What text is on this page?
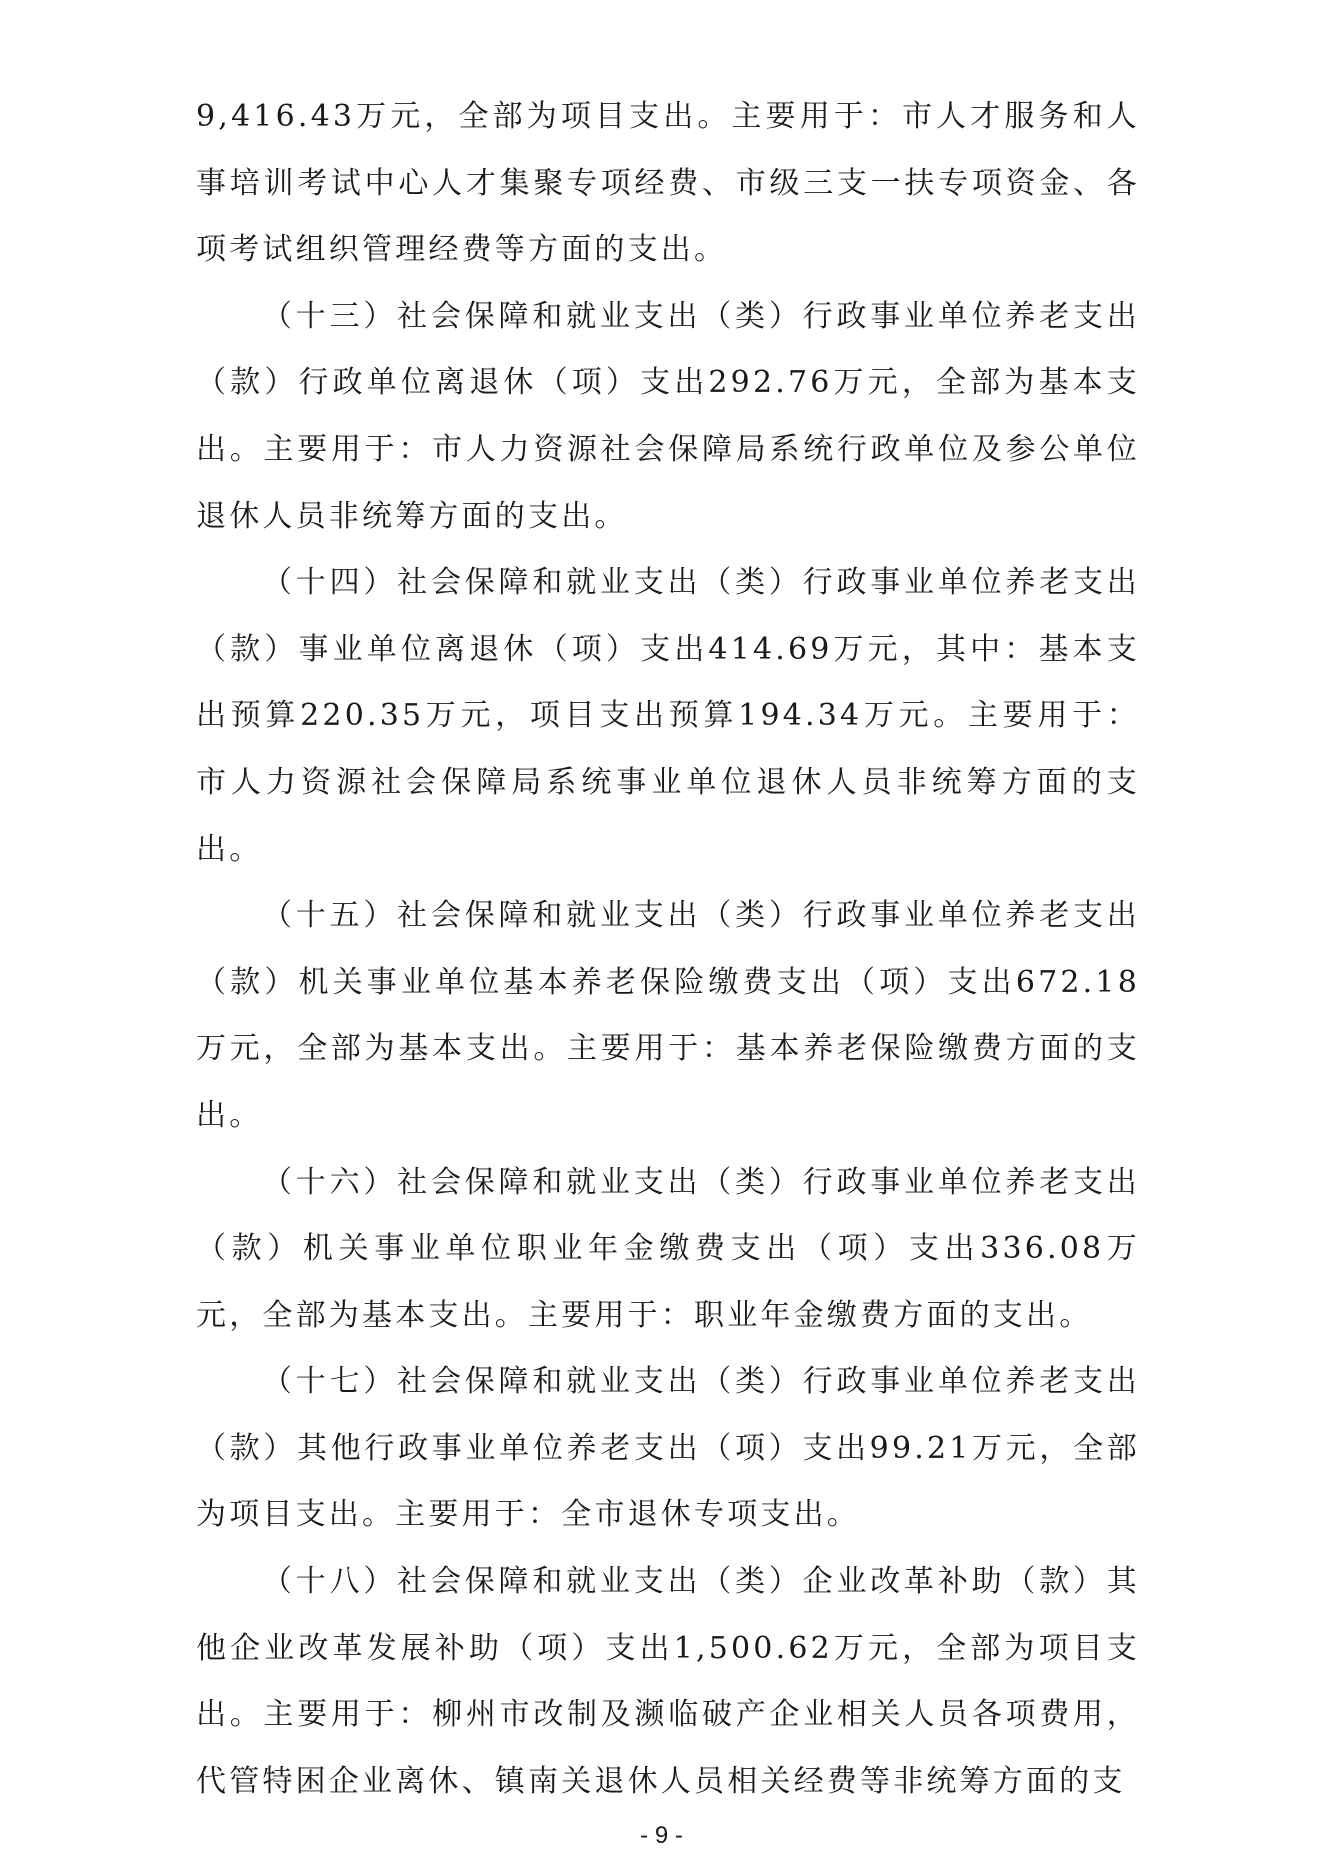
9,416.43万元，全部为项目支出。主要用于：市人才服务和人事培训考试中心人才集聚专项经费、市级三支一扶专项资金、各项考试组织管理经费等方面的支出。

（十三）社会保障和就业支出（类）行政事业单位养老支出（款）行政单位离退休（项）支出292.76万元，全部为基本支出。主要用于：市人力资源社会保障局系统行政单位及参公单位退休人员非统筹方面的支出。

（十四）社会保障和就业支出（类）行政事业单位养老支出（款）事业单位离退休（项）支出414.69万元，其中：基本支出预算220.35万元，项目支出预算194.34万元。主要用于：市人力资源社会保障局系统事业单位退休人员非统筹方面的支出。

（十五）社会保障和就业支出（类）行政事业单位养老支出（款）机关事业单位基本养老保险缴费支出（项）支出672.18万元，全部为基本支出。主要用于：基本养老保险缴费方面的支出。

（十六）社会保障和就业支出（类）行政事业单位养老支出（款）机关事业单位职业年金缴费支出（项）支出336.08万元，全部为基本支出。主要用于：职业年金缴费方面的支出。

（十七）社会保障和就业支出（类）行政事业单位养老支出（款）其他行政事业单位养老支出（项）支出99.21万元，全部为项目支出。主要用于：全市退休专项支出。

（十八）社会保障和就业支出（类）企业改革补助（款）其他企业改革发展补助（项）支出1,500.62万元，全部为项目支出。主要用于：柳州市改制及濒临破产企业相关人员各项费用，代管特困企业离休、镇南关退休人员相关经费等非统筹方面的支

- 9 -
